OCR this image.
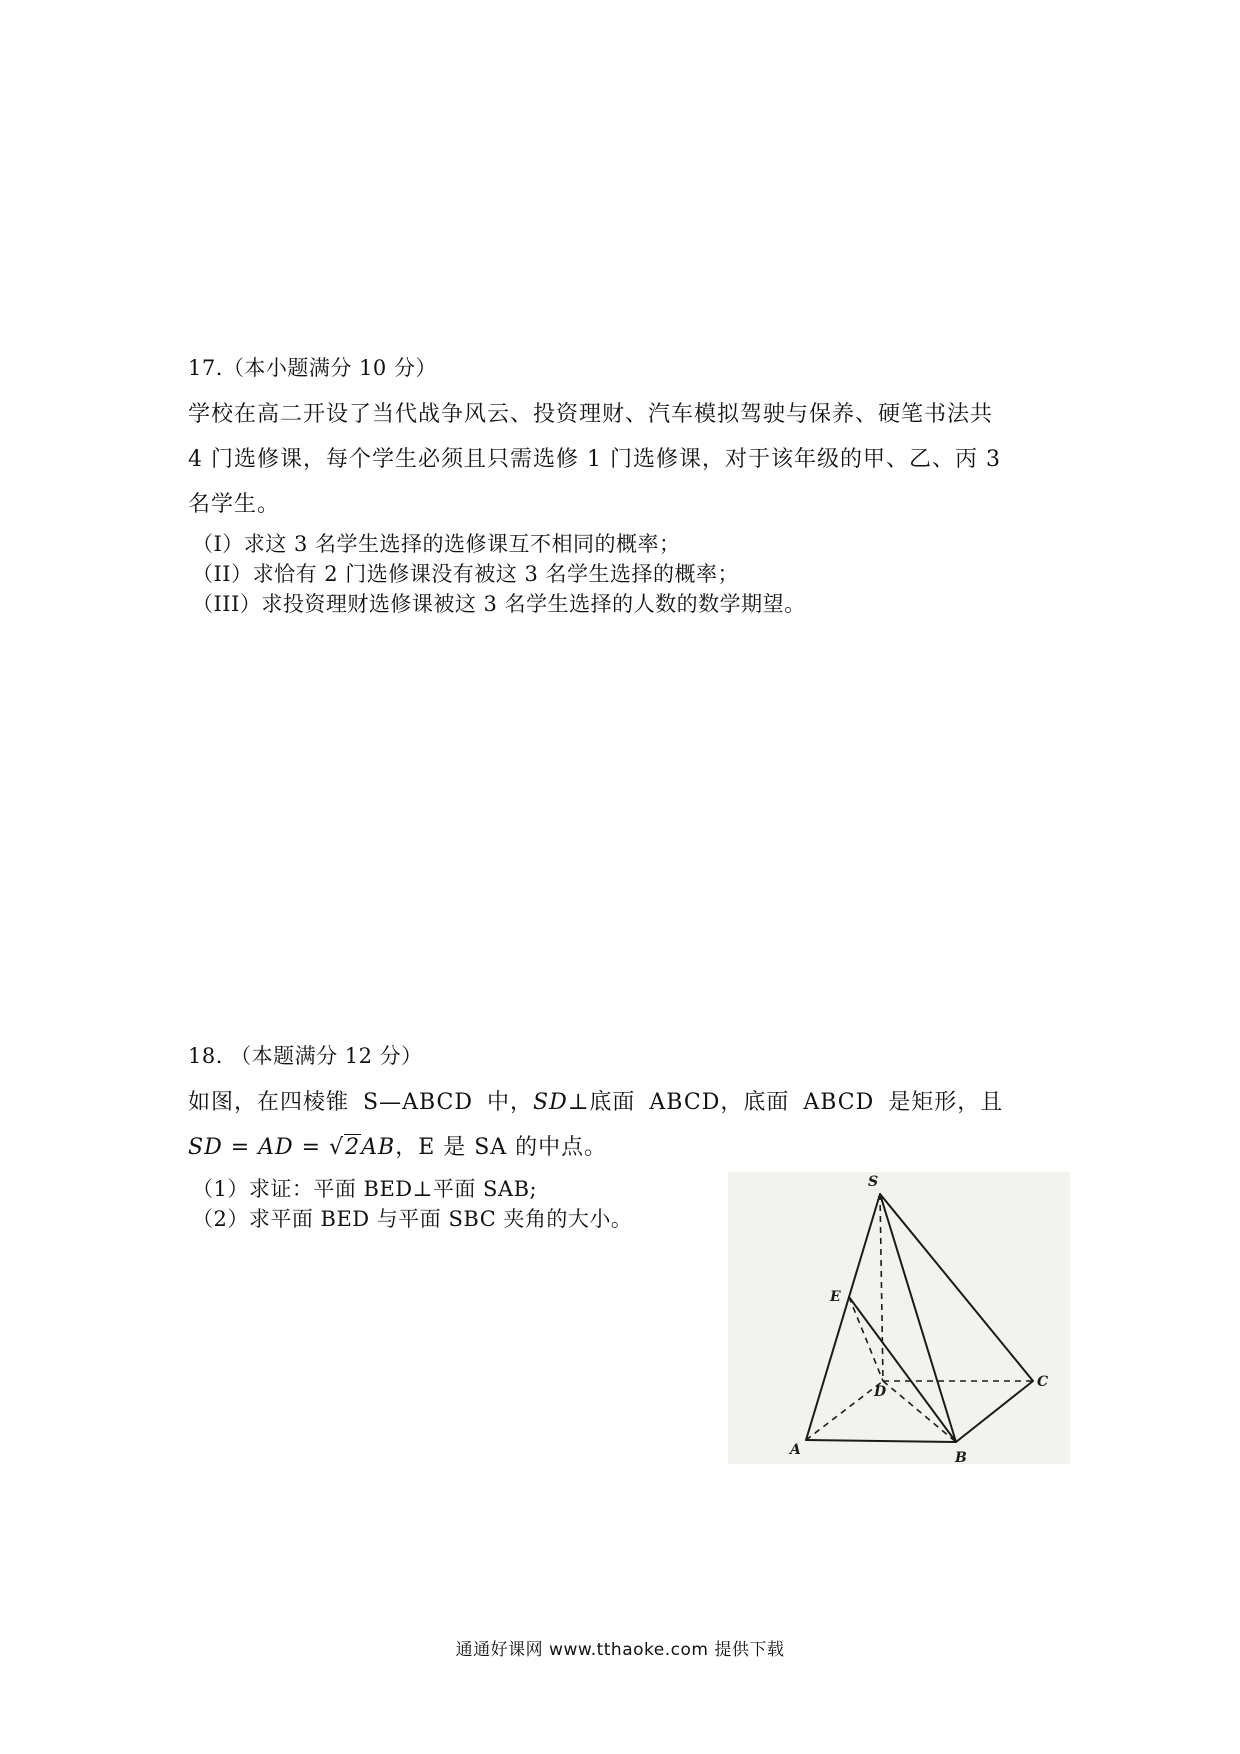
17.（本小题满分 10 分）
学校在高二开设了当代战争风云、投资理财、汽车模拟驾驶与保养、硬笔书法共
4 门选修课，每个学生必须且只需选修 1 门选修课，对于该年级的甲、乙、丙 3
名学生。
（I）求这 3 名学生选择的选修课互不相同的概率；
（II）求恰有 2 门选修课没有被这 3 名学生选择的概率；
（III）求投资理财选修课被这 3 名学生选择的人数的数学期望。
18. （本题满分 12 分）
如图，在四棱锥 S—ABCD 中，SD⊥底面 ABCD，底面 ABCD 是矩形，且
SD = AD = √2AB，E 是 SA 的中点。
（1）求证：平面 BED⊥平面 SAB;
（2）求平面 BED 与平面 SBC 夹角的大小。
S
E
D
C
A	B
通通好课网 www.tthaoke.com 提供下载
